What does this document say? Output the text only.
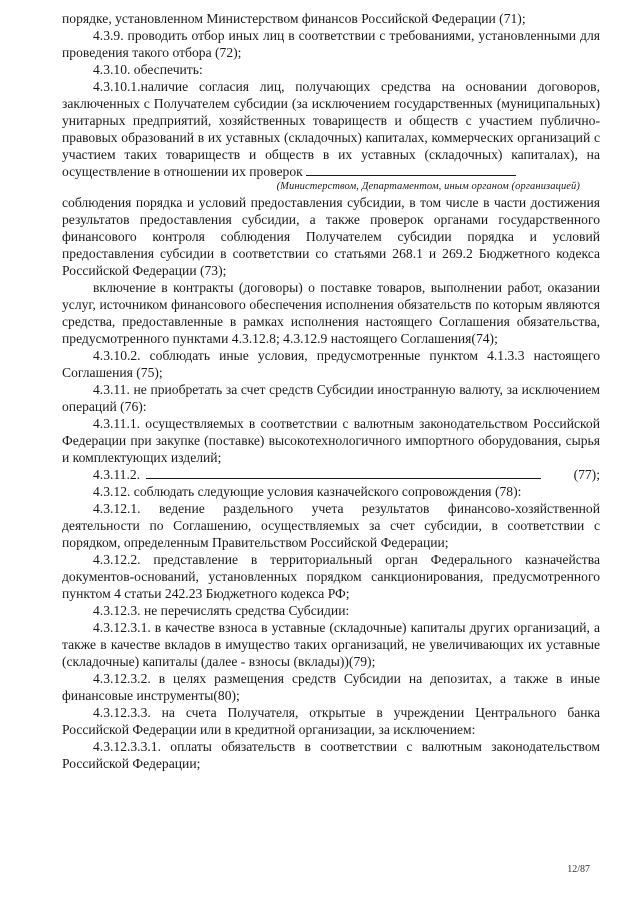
порядке, установленном Министерством финансов Российской Федерации (71);

4.3.9. проводить отбор иных лиц в соответствии с требованиями, установленными для проведения такого отбора (72);

4.3.10. обеспечить:

4.3.10.1.наличие согласия лиц, получающих средства на основании договоров, заключенных с Получателем субсидии (за исключением государственных (муниципальных) унитарных предприятий, хозяйственных товариществ и обществ с участием публично-правовых образований в их уставных (складочных) капиталах, коммерческих организаций с участием таких товариществ и обществ в их уставных (складочных) капиталах), на осуществление в отношении их проверок

(Министерством, Департаментом, иным органом (организацией)

соблюдения порядка и условий предоставления субсидии, в том числе в части достижения результатов предоставления субсидии, а также проверок органами государственного финансового контроля соблюдения Получателем субсидии порядка и условий предоставления субсидии в соответствии со статьями 268.1 и 269.2 Бюджетного кодекса Российской Федерации (73);

включение в контракты (договоры) о поставке товаров, выполнении работ, оказании услуг, источником финансового обеспечения исполнения обязательств по которым являются средства, предоставленные в рамках исполнения настоящего Соглашения обязательства, предусмотренного пунктами 4.3.12.8; 4.3.12.9 настоящего Соглашения(74);

4.3.10.2. соблюдать иные условия, предусмотренные пунктом 4.1.3.3 настоящего Соглашения (75);

4.3.11. не приобретать за счет средств Субсидии иностранную валюту, за исключением операций (76):

4.3.11.1. осуществляемых в соответствии с валютным законодательством Российской Федерации при закупке (поставке) высокотехнологичного импортного оборудования, сырья и комплектующих изделий;

4.3.11.2.	(77);

4.3.12. соблюдать следующие условия казначейского сопровождения (78):

4.3.12.1. ведение раздельного учета результатов финансово-хозяйственной деятельности по Соглашению, осуществляемых за счет субсидии, в соответствии с порядком, определенным Правительством Российской Федерации;

4.3.12.2. представление в территориальный орган Федерального казначейства документов-оснований, установленных порядком санкционирования, предусмотренного пунктом 4 статьи 242.23 Бюджетного кодекса РФ;

4.3.12.3. не перечислять средства Субсидии:

4.3.12.3.1. в качестве взноса в уставные (складочные) капиталы других организаций, а также в качестве вкладов в имущество таких организаций, не увеличивающих их уставные (складочные) капиталы (далее - взносы (вклады))(79);

4.3.12.3.2. в целях размещения средств Субсидии на депозитах, а также в иные финансовые инструменты(80);

4.3.12.3.3. на счета Получателя, открытые в учреждении Центрального банка Российской Федерации или в кредитной организации, за исключением:

4.3.12.3.3.1. оплаты обязательств в соответствии с валютным законодательством Российской Федерации;

12/87
